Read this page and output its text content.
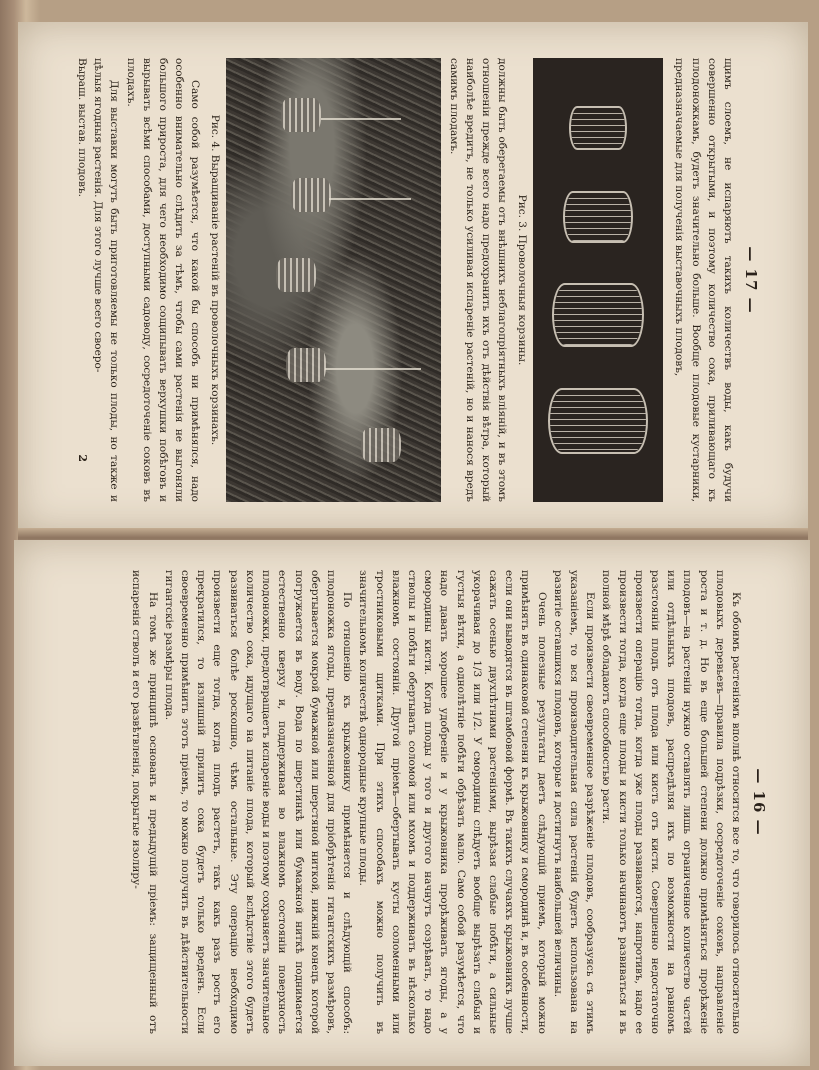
— 17 —

щимъ слоемъ, не испаряютъ такихъ количествъ воды, какъ будучи совершенно открытыми, и поэтому количество сока, приливающаго къ плодоножкамъ, будетъ значительно больше. Вообще плодовые кустарники, предназначаемые для полученія выставочныхъ плодовъ,

Рис. 3. Проволочныя корзины.

должны быть оберегаемы отъ внѣшнихъ неблагопріятныхъ вліяній, и въ этомъ отношеніи прежде всего надо предохранить ихъ отъ дѣйствія вѣтра, который наиболѣе вредитъ, не только усиливая испареніе растеній, но и нанося вредъ самимъ плодамъ.

Рис. 4. Выращиваніе растеній въ проволочныхъ корзинахъ.

Само собой разумѣется, что какой бы способъ ни примѣнялся, надо особенно внимательно слѣдить за тѣмъ, чтобы сами растенія не выгоняли большого прироста, для чего необходимо сощипывать верхушки побѣговъ и вырывать всѣми способами, доступными садоводу, сосредоточеніе соковъ въ плодахъ.

Для выставки могутъ быть приготовляемы не только плоды, но также и цѣлыя ягодныя растенія. Для этого лучше всего своеро-

Выраш. выстав. плодовъ.
2
— 16 —

Къ обоимъ растеніямъ вполнѣ относится все то, что говорилось относительно плодовыхъ деревьевъ—правила подрѣзки, сосредоточеніе соковъ, направленіе роста и т. д. Но въ еще большей степени должно примѣняться прорѣженіе плодовъ—на растеніи нужно оставлять лишь ограниченное количество частей или отдѣльныхъ плодовъ, распредѣляя ихъ по возможности на равномъ разстояніи плодъ отъ плода или кисть отъ кисти. Совершенно недостаточно произвести операцію тогда, когда уже плоды развиваются, напротивъ, надо ее произвести тогда, когда еще плоды и кисти только начинаютъ развиваться и въ полной мѣрѣ обладаютъ способностью расти.

Если произвести своевременное разрѣженіе плодовъ, сообразуясь съ этимъ указаніемъ, то вся производительная сила растенія будетъ использована на развитіе оставшихся плодовъ, которые и достигнутъ наибольшей величины.

Очень полезные результаты даетъ слѣдующій приемъ, который можно примѣнять въ одинаковой степени къ крыжовнику и смородинѣ и, въ особенности, если они выводятся въ штамбовой формѣ. Въ такихъ случаяхъ крыжовникъ лучше сажать осенью двухлѣтними растеніями, вырѣзая слабые побѣги, а сильные укорачивая до 1/3 или 1/2. У смородины слѣдуетъ вообще вырѣзать слабыя и густыя вѣтки, а однолѣтніе побѣги обрѣзать мало. Само собой разумѣется, что надо давать хорошее удобреніе и у крыжовника прорѣживать ягоды, а у смородины кисти. Когда плоды у того и другого начнутъ созрѣвать, то надо стволы и побѣги обертывать соломой или мхомъ и поддерживать въ нѣсколько влажномъ состояніи. Другой пріемъ—обертывать кусты соломенными или тростниковыми щитками. При этихъ способахъ можно получить въ значительномъ количествѣ однородные крупные плоды.

По отношенію къ крыжовнику примѣняется и слѣдующій способъ: плодоножка ягоды, предназначенной для пріобрѣтенія гигантскихъ размѣровъ, обертывается мокрой бумажной или шерстяной ниткой, нижній конецъ которой погружается въ воду. Вода по шерстинкѣ или бумажной ниткѣ поднимается естественно кверху и, поддерживая во влажномъ состояніи поверхность плодоножки, предотвращаетъ испареніе воды и поэтому сохраняетъ значительное количество сока, идущаго на питаніе плода, который вслѣдствіе этого будетъ развиваться болѣе роскошно, чѣмъ остальные. Эту операцію необходимо произвести еще тогда, когда плодъ растетъ, такъ какъ разъ ростъ его прекратился, то излишній прилитъ сока будетъ только вреденъ. Если своевременно примѣнить этотъ пріемъ, то можно получить въ дѣйствительности гигантскіе размѣры плода.

На томъ же принципѣ основанъ и предыдущій пріемъ: защищенный отъ испаренія стволъ и его развѣтвленія, покрытые изолиру-
